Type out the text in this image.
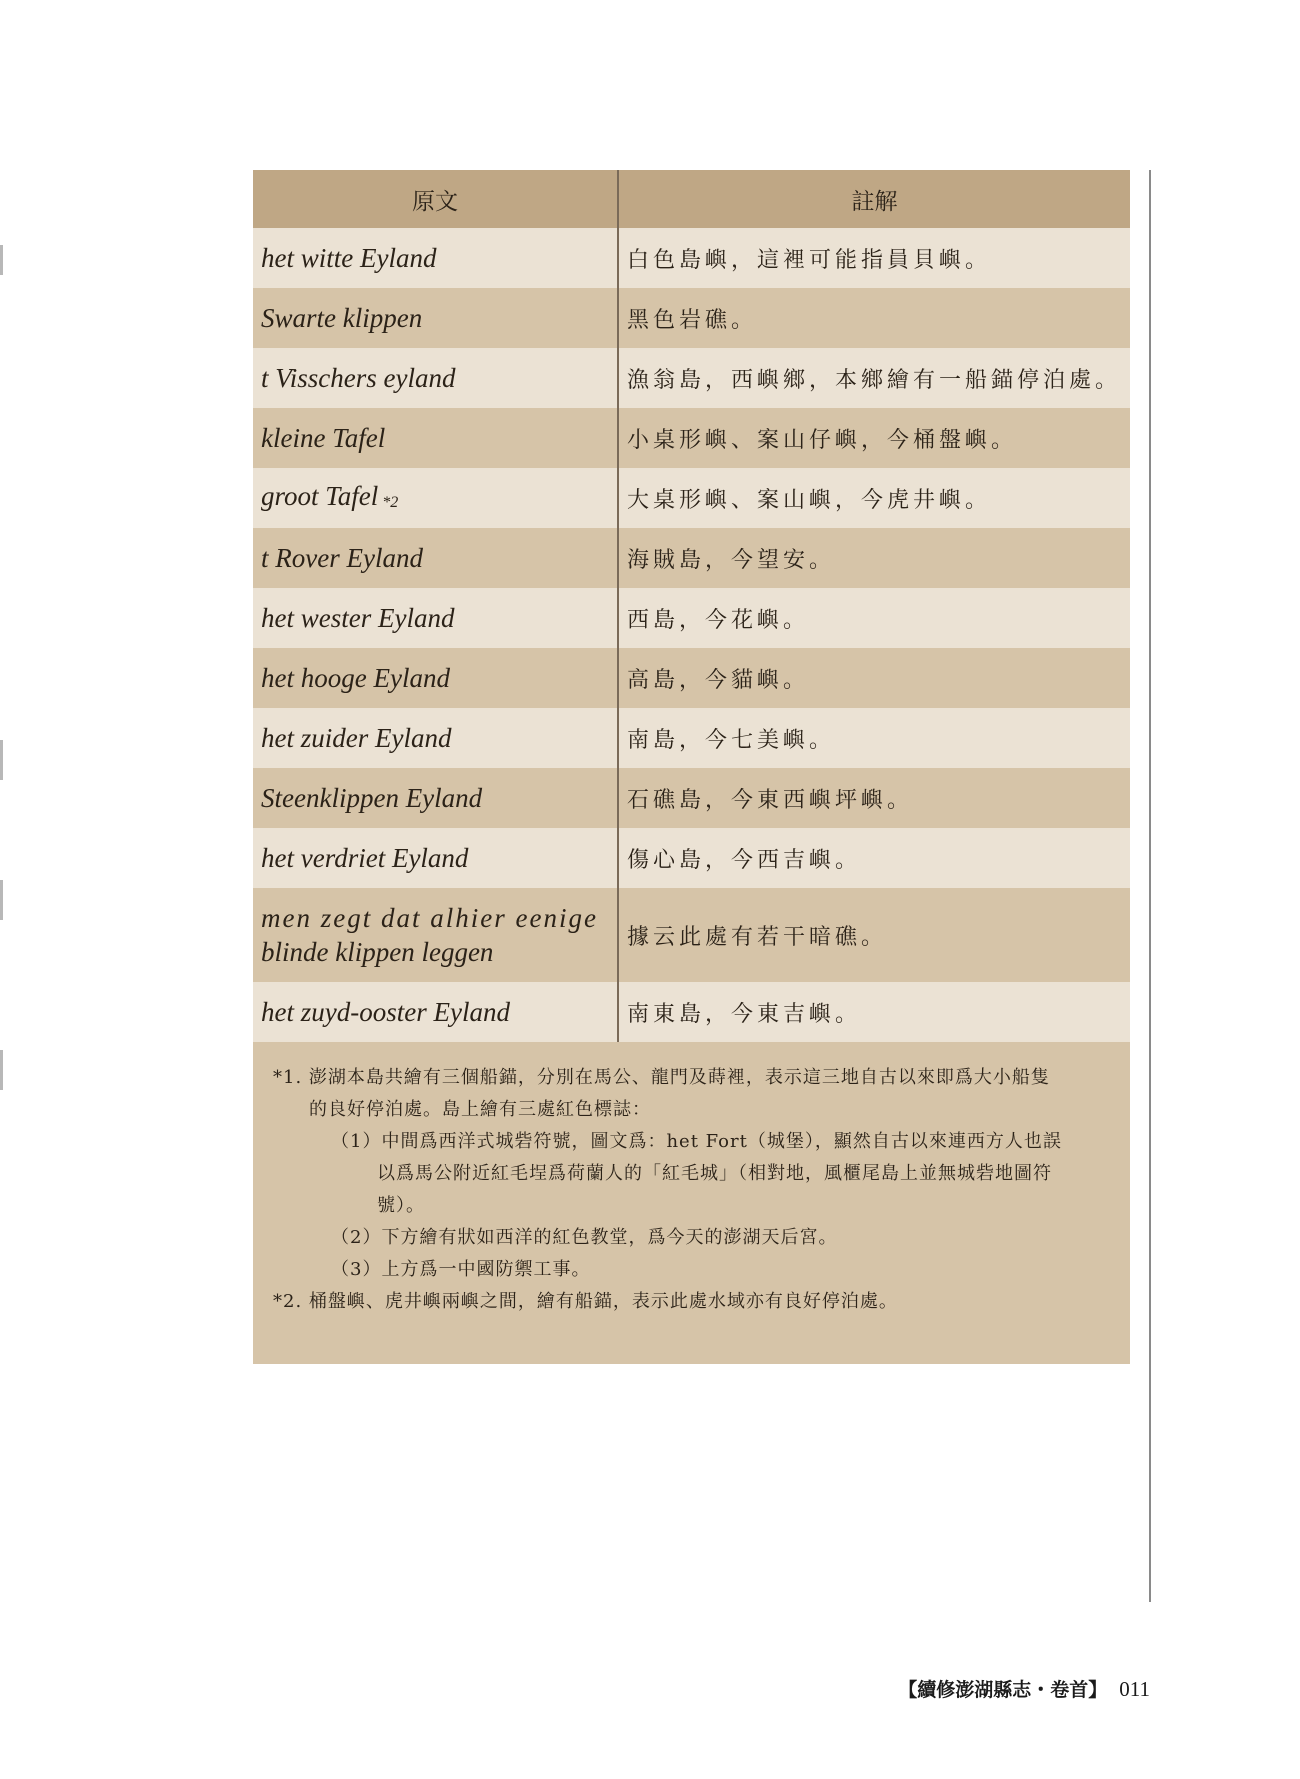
原文	註解
het witte Eyland	白色島嶼，這裡可能指員貝嶼。
Swarte klippen	黑色岩礁。
t Visschers eyland	漁翁島，西嶼鄉，本鄉繪有一船錨停泊處。
kleine Tafel	小桌形嶼、案山仔嶼，今桶盤嶼。
groot Tafel *2	大桌形嶼、案山嶼，今虎井嶼。
t Rover Eyland	海賊島，今望安。
het wester Eyland	西島，今花嶼。
het hooge Eyland	高島，今貓嶼。
het zuider Eyland	南島，今七美嶼。
Steenklippen Eyland	石礁島，今東西嶼坪嶼。
het verdriet Eyland	傷心島，今西吉嶼。

men zegt dat alhier eenige
blinde klippen leggen	據云此處有若干暗礁。
het zuyd-ooster Eyland	南東島，今東吉嶼。
*1. 澎湖本島共繪有三個船錨，分別在馬公、龍門及蒔裡，表示這三地自古以來即爲大小船隻
的良好停泊處。島上繪有三處紅色標誌：
（1）中間爲西洋式城砦符號，圖文爲：het Fort（城堡），顯然自古以來連西方人也誤
以爲馬公附近紅毛埕爲荷蘭人的「紅毛城」（相對地，風櫃尾島上並無城砦地圖符
號）。
（2）下方繪有狀如西洋的紅色教堂，爲今天的澎湖天后宮。
（3）上方爲一中國防禦工事。
*2. 桶盤嶼、虎井嶼兩嶼之間，繪有船錨，表示此處水域亦有良好停泊處。
【續修澎湖縣志・卷首】 011
